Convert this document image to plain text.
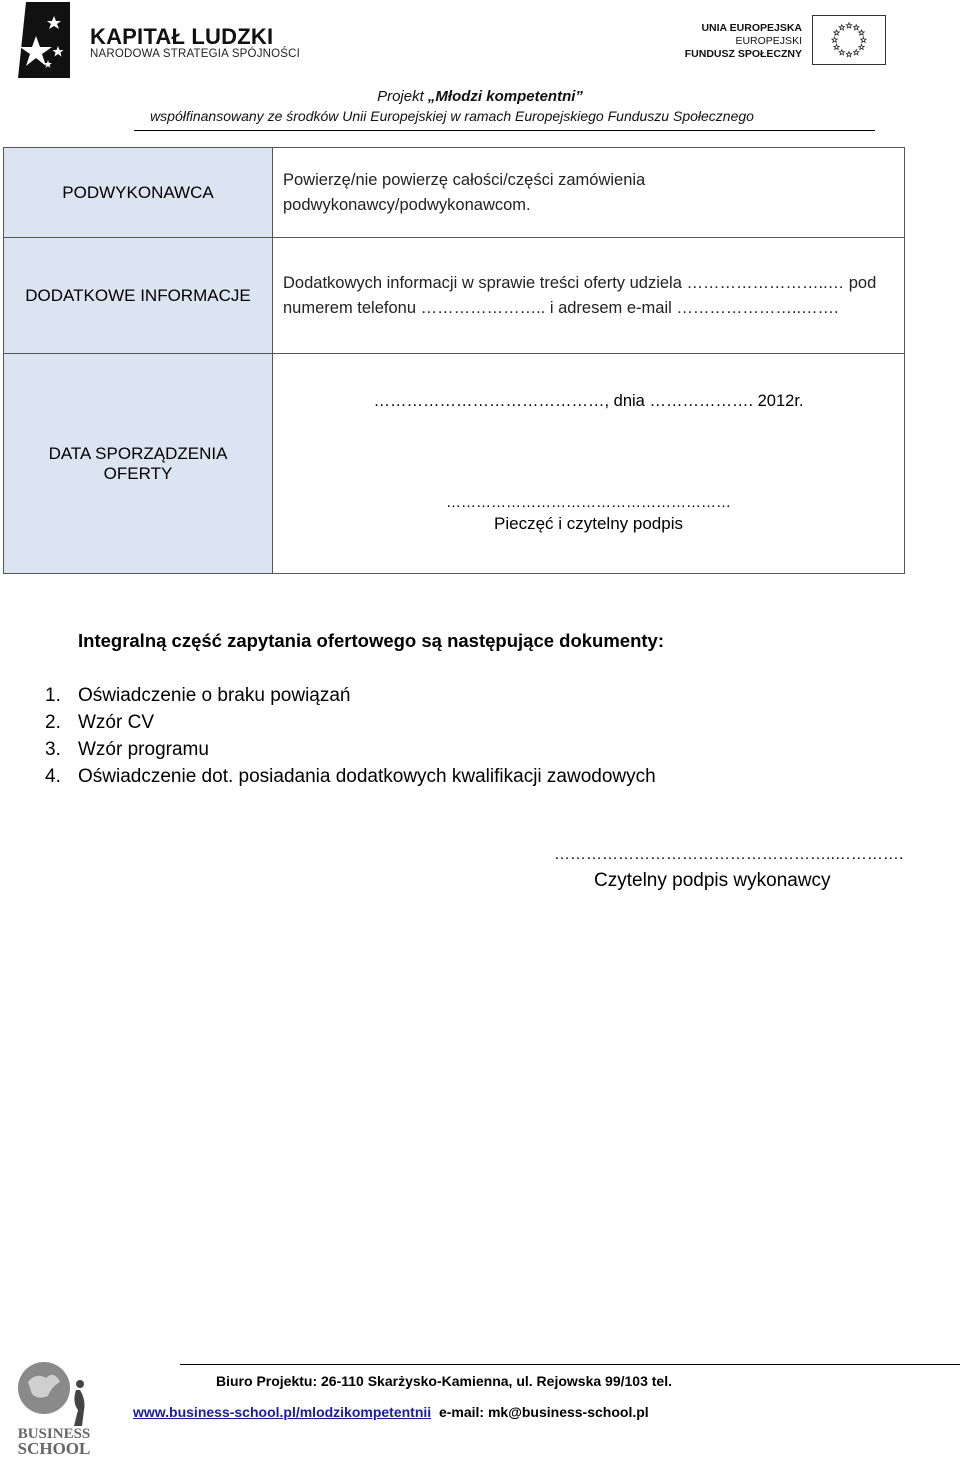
KAPITAŁ LUDZKI
NARODOWA STRATEGIA SPÓJNOŚCI
UNIA EUROPEJSKA
EUROPEJSKI
FUNDUSZ SPOŁECZNY
Projekt „Młodzi kompetentni”
współfinansowany ze środków Unii Europejskiej w ramach Europejskiego Funduszu Społecznego
PODWYKONAWCA	Powierzę/nie powierzę całości/części zamówienia podwykonawcy/podwykonawcom.
DODATKOWE INFORMACJE	Dodatkowych informacji w sprawie treści oferty udziela ……………………..… pod numerem telefonu ………………….. i adresem e-mail …………………..…….
DATA SPORZĄDZENIA OFERTY	……………………………………, dnia ………………. 2012r.
…………………………………………………
Pieczęć i czytelny podpis
Integralną część zapytania ofertowego są następujące dokumenty:
1. Oświadczenie o braku powiązań
2. Wzór CV
3. Wzór programu
4. Oświadczenie dot. posiadania dodatkowych kwalifikacji zawodowych
……………………………………………..………….
Czytelny podpis wykonawcy
BUSINESS
SCHOOL
Biuro Projektu: 26-110 Skarżysko-Kamienna, ul. Rejowska 99/103 tel.
www.business-school.pl/mlodzikompetentnii e-mail: mk@business-school.pl
